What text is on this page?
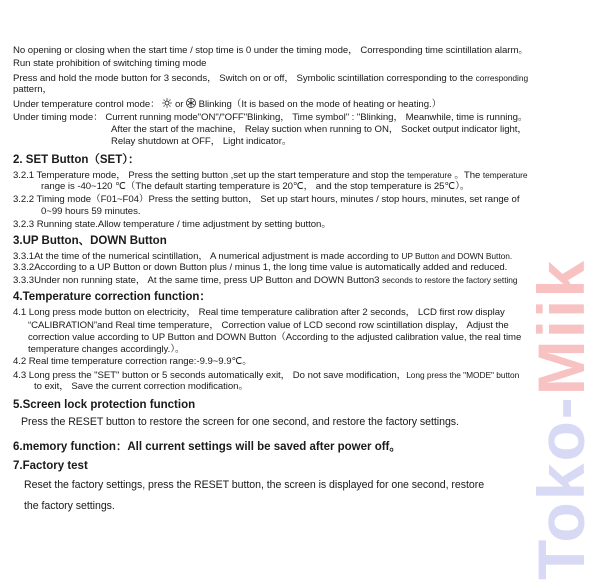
No opening or closing when the start time / stop time is 0 under the timing mode， Corresponding time scintillation alarm。
Run state prohibition of switching timing mode
Press and hold the mode button for 3 seconds， Switch on or off， Symbolic scintillation corresponding to the corresponding
pattern，
Under temperature control mode：  or  Blinking（It is based on the mode of heating or heating.）
Under timing mode： Current running mode"ON"/"OFF"Blinking， Time symbol" : "Blinking， Meanwhile, time is running。
After the start of the machine， Relay suction when running to ON， Socket output indicator light，
Relay shutdown at OFF， Light indicator。
2. SET Button（SET）：
3.2.1 Temperature mode， Press the setting button ,set up the start temperature and stop the temperature 。The temperature
range is -40~120 ℃（The default starting temperature is 20℃， and the stop temperature is 25℃）。
3.2.2 Timing mode（F01~F04）Press the setting button， Set up start hours, minutes / stop hours, minutes, set range of
0~99 hours 59 minutes.
3.2.3 Running state.Allow temperature / time adjustment by setting button。
3.UP Button、DOWN Button
3.3.1At the time of the numerical scintillation， A numerical adjustment is made according to UP Button and DOWN Button.
3.3.2According to a UP Button or down Button plus / minus 1, the long time value is automatically added and reduced.
3.3.3Under non running state， At the same time, press UP Button and DOWN Button3 seconds to restore the factory setting
4.Temperature correction function：
4.1 Long press mode button on electricity， Real time temperature calibration after 2 seconds， LCD first row display
“CALIBRATION”and Real time temperature， Correction value of LCD second row scintillation display， Adjust the
correction value according to UP Button and DOWN Button（According to the adjusted calibration value, the real time
temperature changes accordingly.）。
4.2 Real time temperature correction range:-9.9~9.9℃。
4.3 Long press the "SET" button or 5 seconds automatically exit， Do not save modification，Long press the "MODE" button
to exit， Save the current correction modification。
5.Screen lock protection function
Press the RESET button to restore the screen for one second, and restore the factory settings.
6.memory function：All current settings will be saved after power off。
7.Factory test
Reset the factory settings, press the RESET button, the screen is displayed for one second, restore
the factory settings.	Toko-Miik
